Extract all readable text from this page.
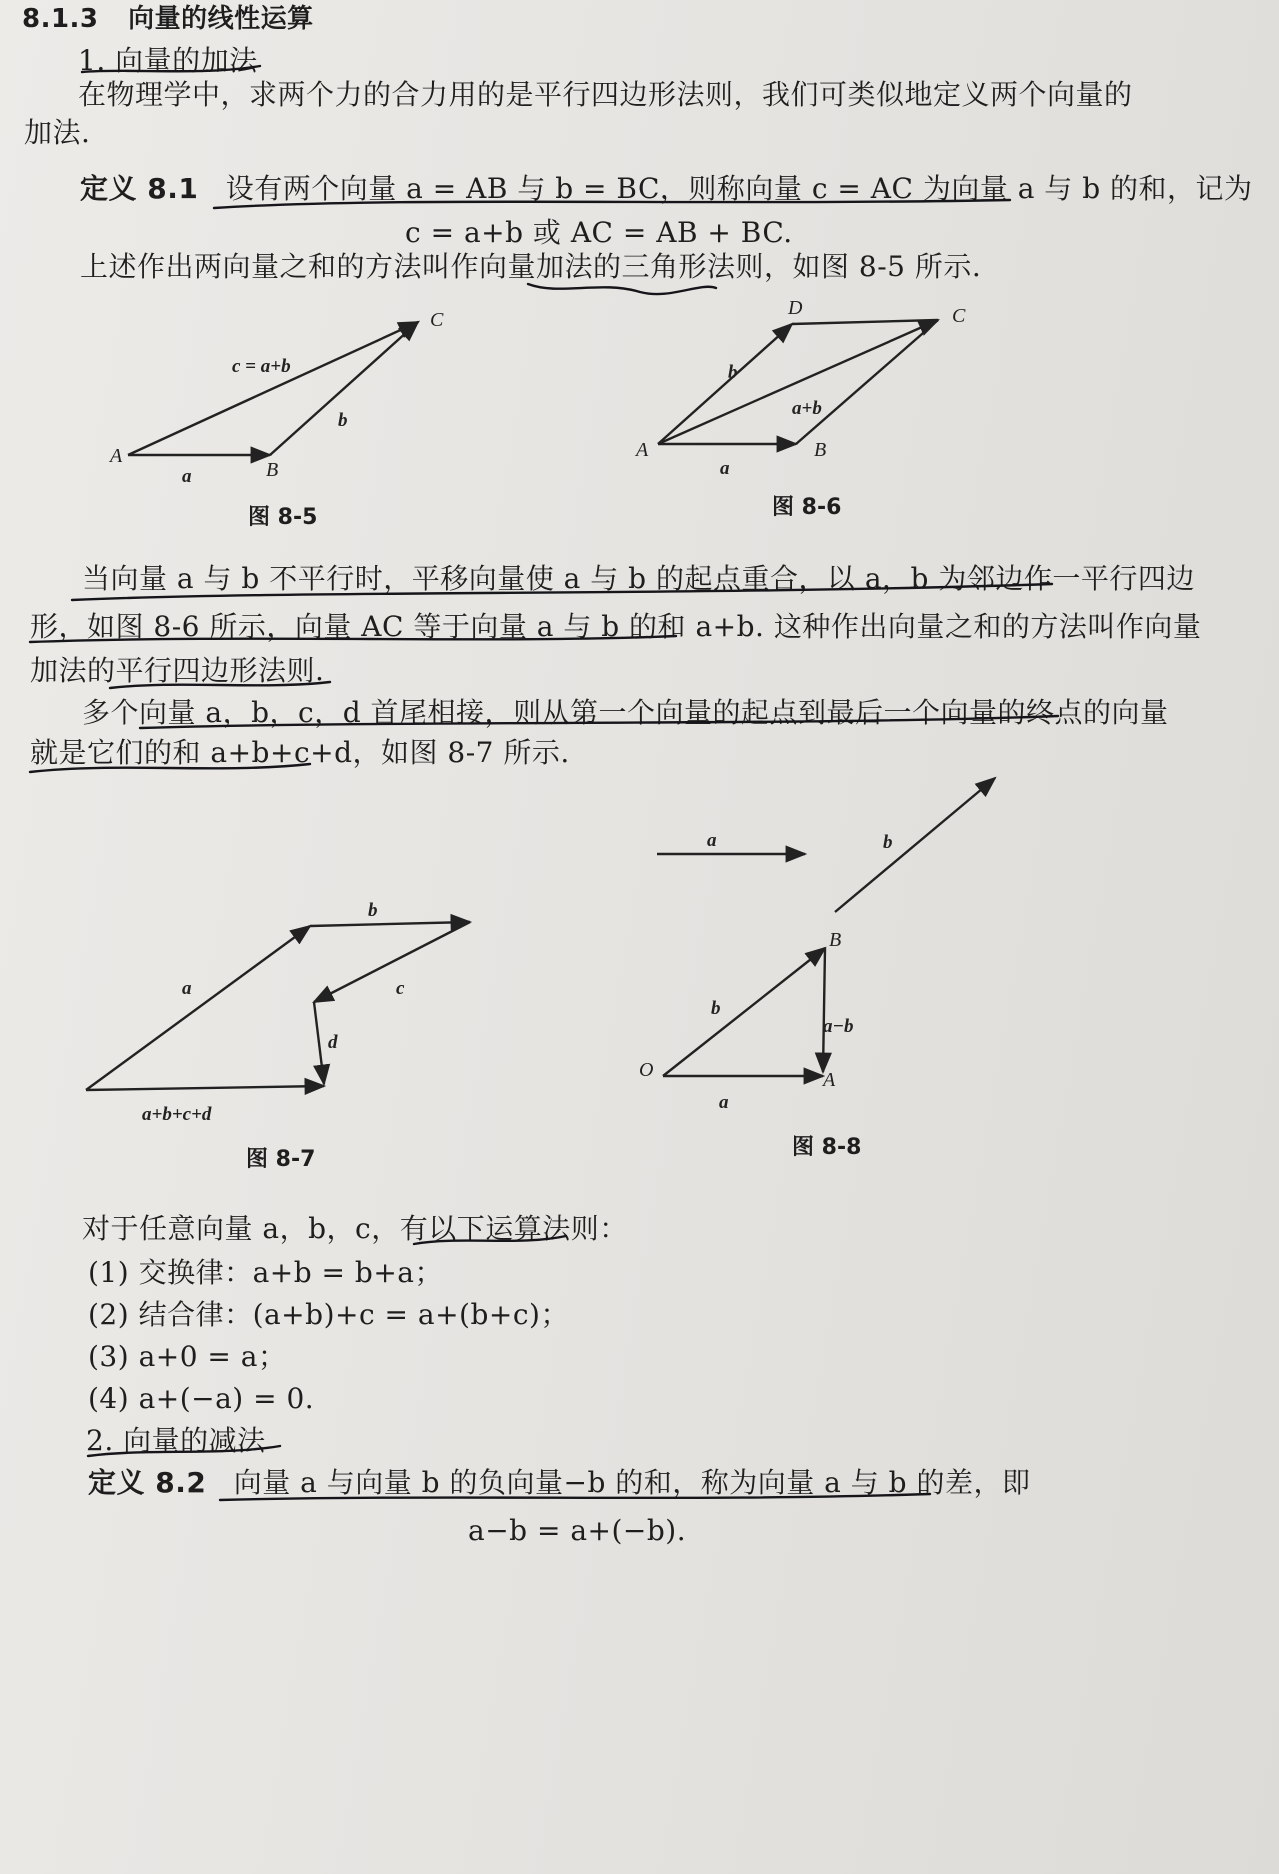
8.1.3 向量的线性运算
1. 向量的加法
在物理学中，求两个力的合力用的是平行四边形法则，我们可类似地定义两个向量的
加法.
定义 8.1 设有两个向量 a = AB 与 b = BC，则称向量 c = AC 为向量 a 与 b 的和，记为
c = a+b 或 AC = AB + BC.
上述作出两向量之和的方法叫作向量加法的三角形法则，如图 8-5 所示.
A
B
C
a
b
c = a+b
图 8-5
A	B
C
D
a
b
a+b
图 8-6
当向量 a 与 b 不平行时，平移向量使 a 与 b 的起点重合，以 a，b 为邻边作一平行四边
形，如图 8-6 所示，向量 AC 等于向量 a 与 b 的和 a+b. 这种作出向量之和的方法叫作向量
加法的平行四边形法则.
多个向量 a，b，c，d 首尾相接，则从第一个向量的起点到最后一个向量的终点的向量
就是它们的和 a+b+c+d，如图 8-7 所示.
a
b
c
d
a+b+c+d
图 8-7
a	b
O	A
B
a
b
a−b
图 8-8
对于任意向量 a，b，c，有以下运算法则：
(1) 交换律：a+b = b+a；
(2) 结合律：(a+b)+c = a+(b+c)；
(3) a+0 = a；
(4) a+(−a) = 0.
2. 向量的减法
定义 8.2 向量 a 与向量 b 的负向量−b 的和，称为向量 a 与 b 的差，即
a−b = a+(−b).
